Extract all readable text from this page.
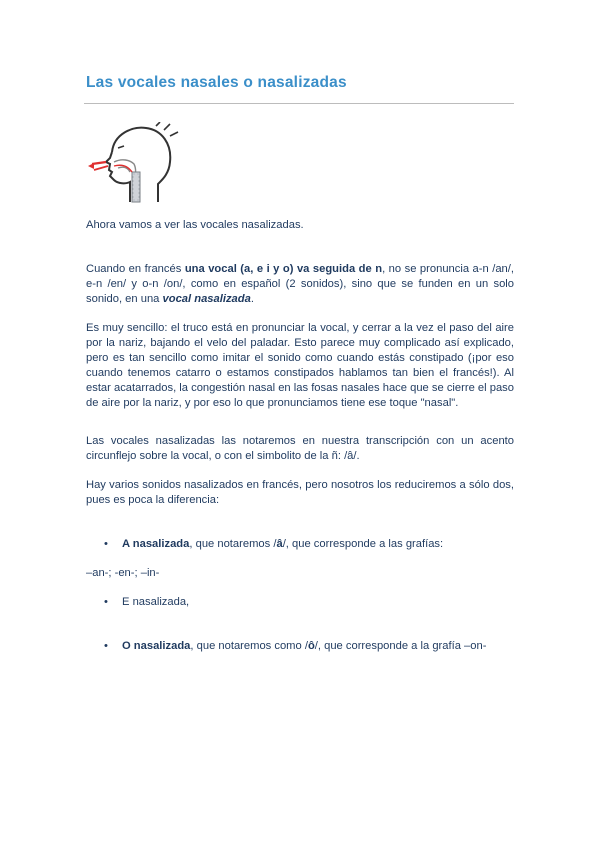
Las vocales nasales o nasalizadas

Ahora vamos a ver las vocales nasalizadas.

Cuando en francés una vocal (a, e i y o) va seguida de n, no se pronuncia a-n /an/, e-n /en/ y o-n /on/, como en español (2 sonidos), sino que se funden en un solo sonido, en una vocal nasalizada.

Es muy sencillo: el truco está en pronunciar la vocal, y cerrar a la vez el paso del aire por la nariz, bajando el velo del paladar. Esto parece muy complicado así explicado, pero es tan sencillo como imitar el sonido como cuando estás constipado (¡por eso cuando tenemos catarro o estamos constipados hablamos tan bien el francés!). Al estar acatarrados, la congestión nasal en las fosas nasales hace que se cierre el paso de aire por la nariz, y por eso lo que pronunciamos tiene ese toque "nasal".

Las vocales nasalizadas las notaremos en nuestra transcripción con un acento circunflejo sobre la vocal, o con el simbolito de la ñ: /â/.

Hay varios sonidos nasalizados en francés, pero nosotros los reduciremos a sólo dos, pues es poca la diferencia:

• A nasalizada, que notaremos /â/, que corresponde a las grafías:
–an-; -en-; –in-
• E nasalizada,
• O nasalizada, que notaremos como /ô/, que corresponde a la grafía –on-
